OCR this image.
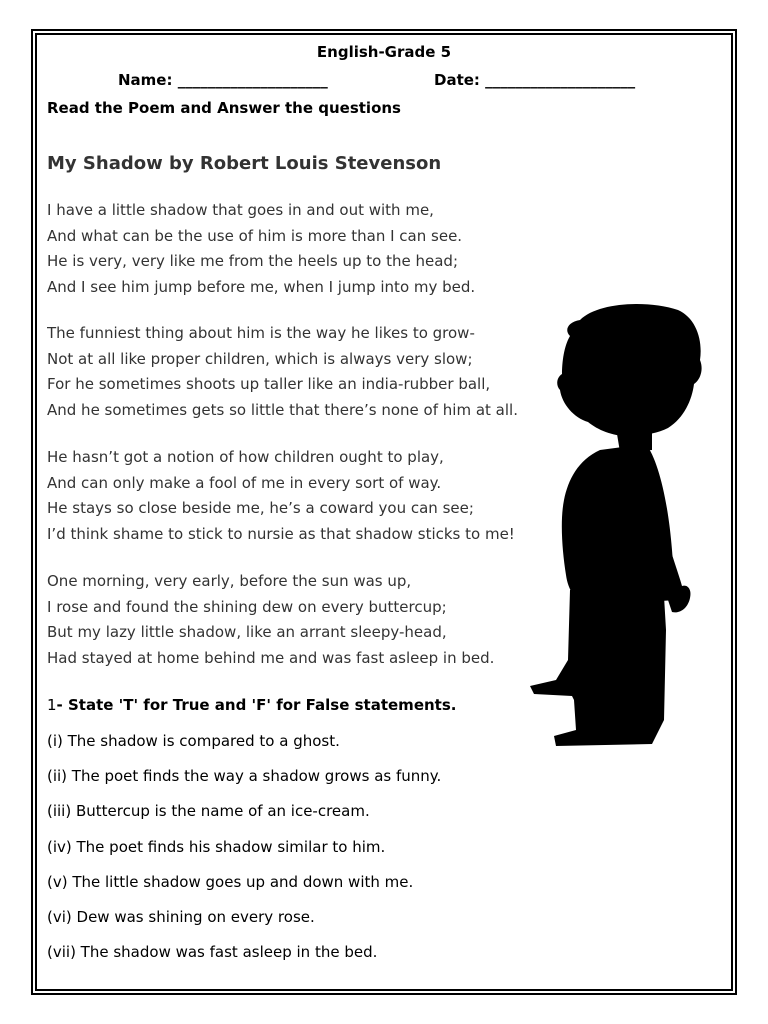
English-Grade 5
Name: ____________________	Date: ____________________

Read the Poem and Answer the questions

My Shadow by Robert Louis Stevenson
I have a little shadow that goes in and out with me,
And what can be the use of him is more than I can see.
He is very, very like me from the heels up to the head;
And I see him jump before me, when I jump into my bed.
The funniest thing about him is the way he likes to grow-
Not at all like proper children, which is always very slow;
For he sometimes shoots up taller like an india-rubber ball,
And he sometimes gets so little that there’s none of him at all.
He hasn’t got a notion of how children ought to play,
And can only make a fool of me in every sort of way.
He stays so close beside me, he’s a coward you can see;
I’d think shame to stick to nursie as that shadow sticks to me!
One morning, very early, before the sun was up,
I rose and found the shining dew on every buttercup;
But my lazy little shadow, like an arrant sleepy-head,
Had stayed at home behind me and was fast asleep in bed.
1- State 'T' for True and 'F' for False statements.
(i) The shadow is compared to a ghost.
(ii) The poet finds the way a shadow grows as funny.
(iii) Buttercup is the name of an ice-cream.
(iv) The poet finds his shadow similar to him.
(v) The little shadow goes up and down with me.
(vi) Dew was shining on every rose.
(vii) The shadow was fast asleep in the bed.
